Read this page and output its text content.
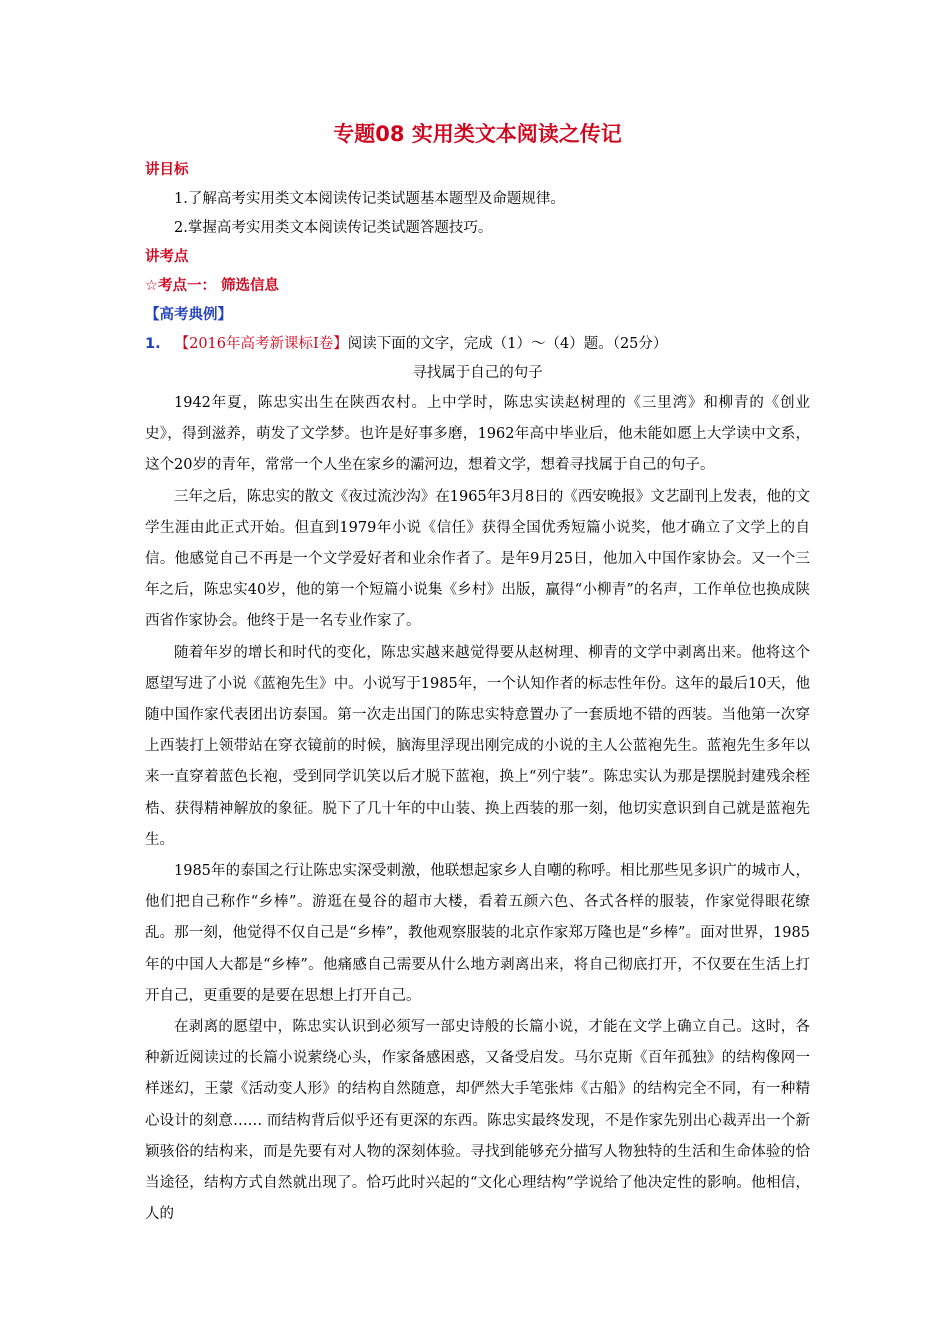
专题08 实用类文本阅读之传记
讲目标
1.了解高考实用类文本阅读传记类试题基本题型及命题规律。
2.掌握高考实用类文本阅读传记类试题答题技巧。
讲考点
☆考点一： 筛选信息
【高考典例】
1. 【2016年高考新课标Ⅰ卷】阅读下面的文字，完成（1）～（4）题。（25分）
寻找属于自己的句子

1942年夏，陈忠实出生在陕西农村。上中学时，陈忠实读赵树理的《三里湾》和柳青的《创业史》，得到滋养，萌发了文学梦。也许是好事多磨，1962年高中毕业后，他未能如愿上大学读中文系，这个20岁的青年，常常一个人坐在家乡的灞河边，想着文学，想着寻找属于自己的句子。

三年之后，陈忠实的散文《夜过流沙沟》在1965年3月8日的《西安晚报》文艺副刊上发表，他的文学生涯由此正式开始。但直到1979年小说《信任》获得全国优秀短篇小说奖，他才确立了文学上的自信。他感觉自己不再是一个文学爱好者和业余作者了。是年9月25日，他加入中国作家协会。又一个三年之后，陈忠实40岁，他的第一个短篇小说集《乡村》出版，赢得“小柳青”的名声，工作单位也换成陕西省作家协会。他终于是一名专业作家了。

随着年岁的增长和时代的变化，陈忠实越来越觉得要从赵树理、柳青的文学中剥离出来。他将这个愿望写进了小说《蓝袍先生》中。小说写于1985年，一个认知作者的标志性年份。这年的最后10天，他随中国作家代表团出访泰国。第一次走出国门的陈忠实特意置办了一套质地不错的西装。当他第一次穿上西装打上领带站在穿衣镜前的时候，脑海里浮现出刚完成的小说的主人公蓝袍先生。蓝袍先生多年以来一直穿着蓝色长袍，受到同学讥笑以后才脱下蓝袍，换上“列宁装”。陈忠实认为那是摆脱封建残余桎梏、获得精神解放的象征。脱下了几十年的中山装、换上西装的那一刻，他切实意识到自己就是蓝袍先生。

1985年的泰国之行让陈忠实深受刺激，他联想起家乡人自嘲的称呼。相比那些见多识广的城市人，他们把自己称作“乡棒”。游逛在曼谷的超市大楼，看着五颜六色、各式各样的服装，作家觉得眼花缭乱。那一刻，他觉得不仅自己是“乡棒”，教他观察服装的北京作家郑万隆也是“乡棒”。面对世界，1985年的中国人大都是“乡棒”。他痛感自己需要从什么地方剥离出来，将自己彻底打开，不仅要在生活上打开自己，更重要的是要在思想上打开自己。

在剥离的愿望中，陈忠实认识到必须写一部史诗般的长篇小说，才能在文学上确立自己。这时，各种新近阅读过的长篇小说萦绕心头，作家备感困惑，又备受启发。马尔克斯《百年孤独》的结构像网一样迷幻，王蒙《活动变人形》的结构自然随意，却俨然大手笔张炜《古船》的结构完全不同，有一种精心设计的刻意…… 而结构背后似乎还有更深的东西。陈忠实最终发现，不是作家先别出心裁弄出一个新颖骇俗的结构来，而是先要有对人物的深刻体验。寻找到能够充分描写人物独特的生活和生命体验的恰当途径，结构方式自然就出现了。恰巧此时兴起的“文化心理结构”学说给了他决定性的影响。他相信，人的
